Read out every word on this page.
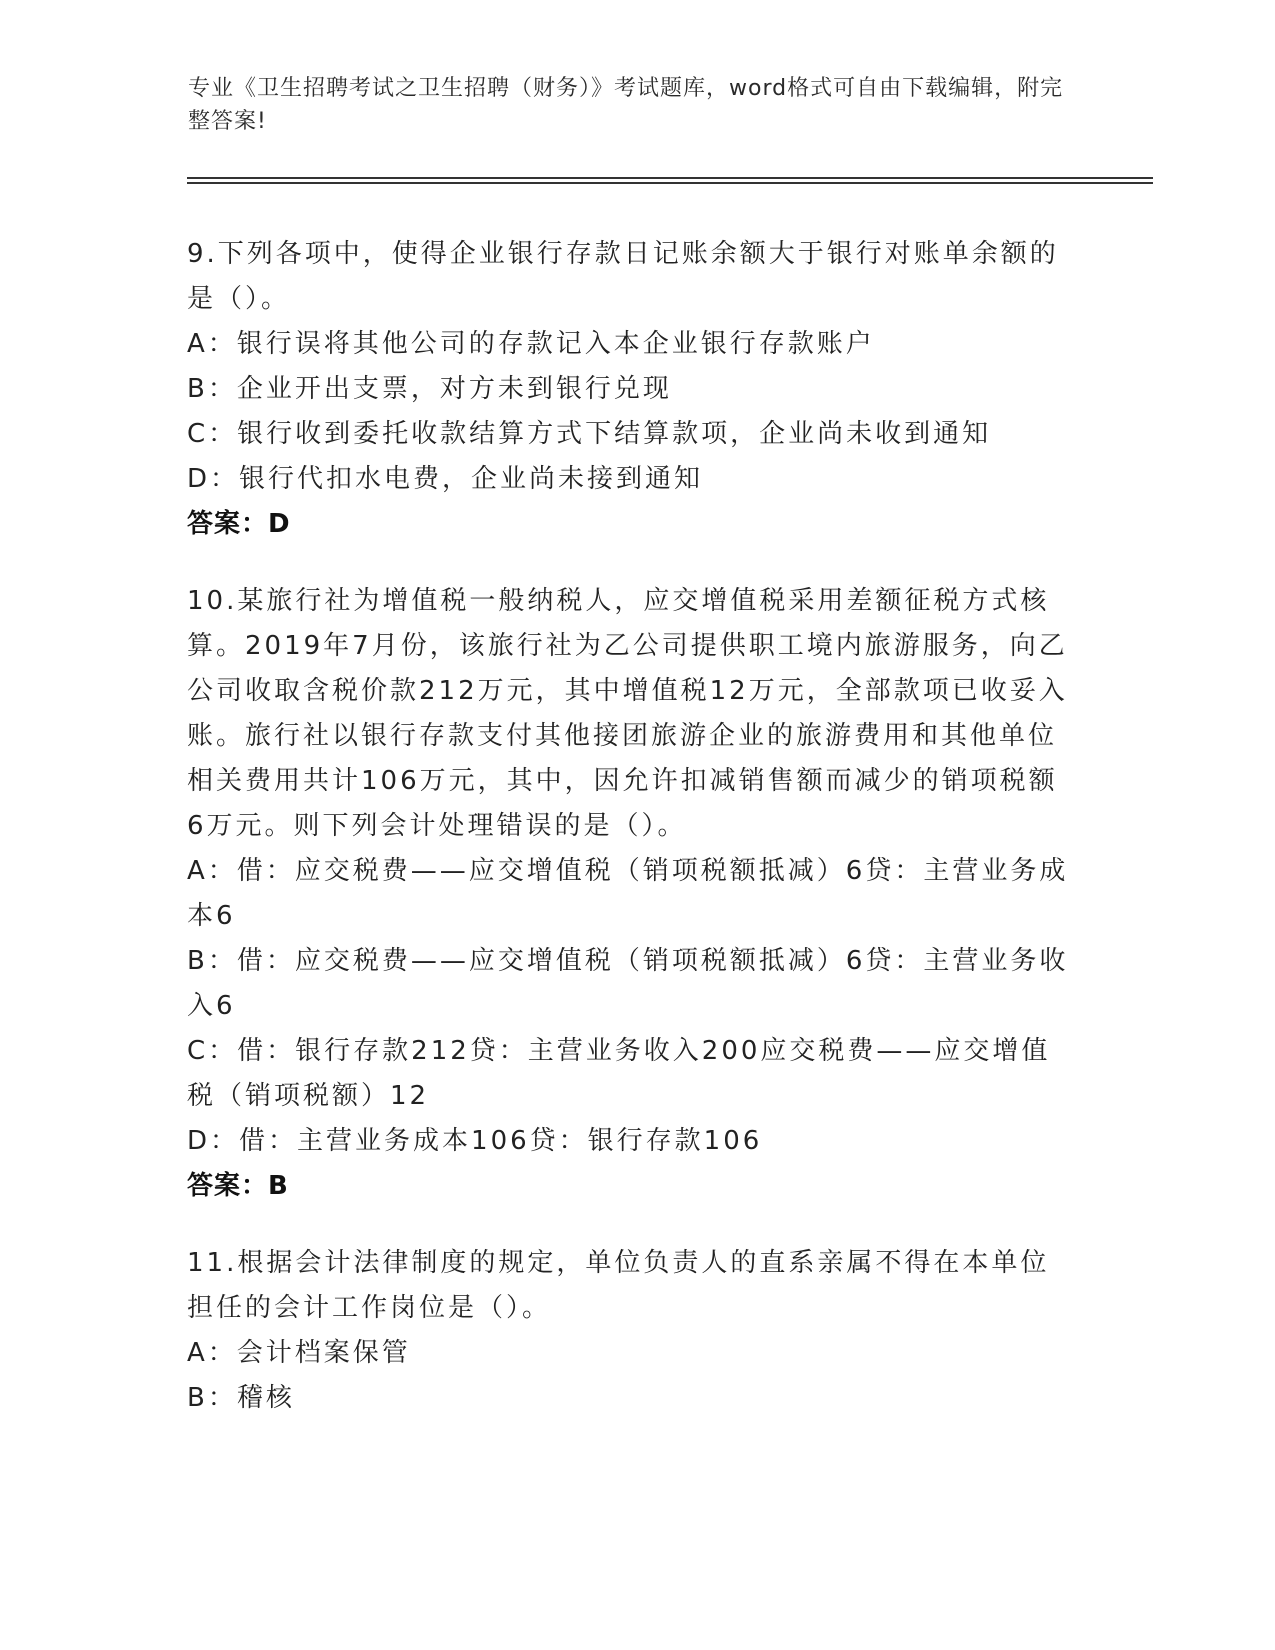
专业《卫生招聘考试之卫生招聘（财务）》考试题库，word格式可自由下载编辑，附完整答案!
9.下列各项中，使得企业银行存款日记账余额大于银行对账单余额的是（）。
A：银行误将其他公司的存款记入本企业银行存款账户
B：企业开出支票，对方未到银行兑现
C：银行收到委托收款结算方式下结算款项，企业尚未收到通知
D：银行代扣水电费，企业尚未接到通知
答案：D
10.某旅行社为增值税一般纳税人，应交增值税采用差额征税方式核算。2019年7月份，该旅行社为乙公司提供职工境内旅游服务，向乙公司收取含税价款212万元，其中增值税12万元，全部款项已收妥入账。旅行社以银行存款支付其他接团旅游企业的旅游费用和其他单位相关费用共计106万元，其中，因允许扣减销售额而减少的销项税额6万元。则下列会计处理错误的是（）。
A：借：应交税费——应交增值税（销项税额抵减）6贷：主营业务成本6
B：借：应交税费——应交增值税（销项税额抵减）6贷：主营业务收入6
C：借：银行存款212贷：主营业务收入200应交税费——应交增值税（销项税额）12
D：借：主营业务成本106贷：银行存款106
答案：B
11.根据会计法律制度的规定，单位负责人的直系亲属不得在本单位担任的会计工作岗位是（）。
A：会计档案保管
B：稽核
